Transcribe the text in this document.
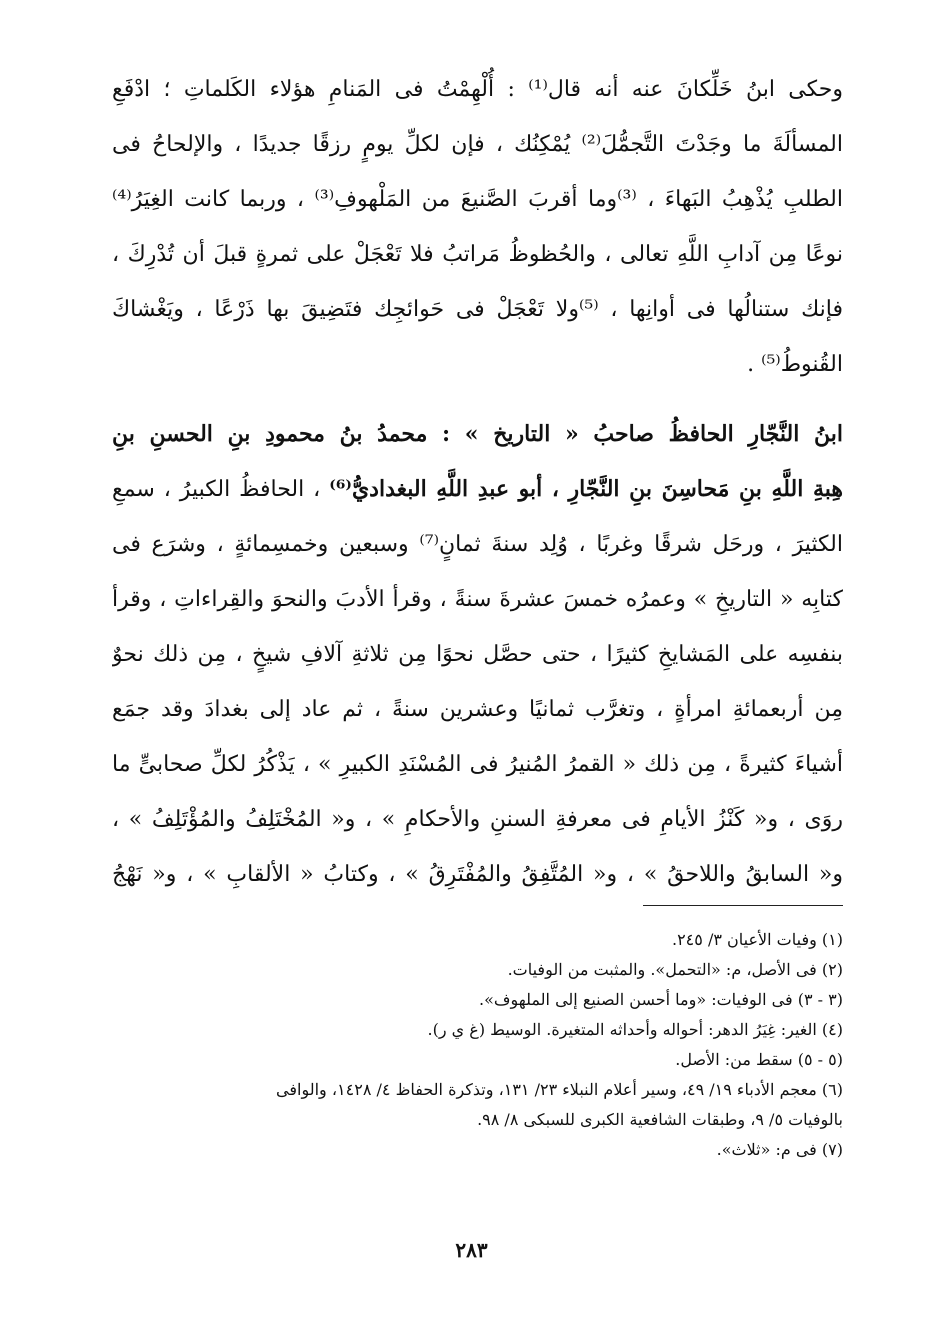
وحكى ابنُ خَلِّكانَ عنه أنه قال⁽¹⁾ : أُلْهِمْتُ فى المَنامِ هؤلاء الكَلماتِ ؛ ادْفَعِ
المسألَةَ ما وجَدْتَ التَّجمُّلَ⁽²⁾ يُمْكِنُك ، فإن لكلِّ يومٍ رزقًا جديدًا ، والإلحاحُ فى
الطلبِ يُذْهِبُ البَهاءَ ، ⁽³⁾وما أقربَ الصَّنيعَ من المَلْهوفِ⁽³⁾ ، وربما كانت الغِيَرُ⁽⁴⁾
نوعًا مِن آدابِ اللَّهِ تعالى ، والحُظوظُ مَراتبُ فلا تَعْجَلْ على ثمرةٍ قبلَ أن تُدْرِكَ ،
فإنك ستنالُها فى أوانِها ، ⁽⁵⁾ولا تَعْجَلْ فى حَوائجِك فتَضِيقَ بها ذَرْعًا ، ويَغْشاكَ
القُنوطُ⁽⁵⁾ .
ابنُ النَّجّارِ الحافظُ صاحبُ « التاريخ » : محمدُ بنُ محمودِ بنِ الحسنِ بنِ
هِبةِ اللَّهِ بنِ مَحاسِنَ بنِ النَّجّارِ ، أبو عبدِ اللَّهِ البغداديُّ⁽⁶⁾ ، الحافظُ الكبيرُ ، سمعِ
الكثيرَ ، ورحَل شرقًا وغربًا ، وُلِد سنةَ ثمانٍ⁽⁷⁾ وسبعين وخمسِمائةٍ ، وشرَع فى
كتابِه « التاريخِ » وعمرُه خمسَ عشرةَ سنةً ، وقرأ الأدبَ والنحوَ والقِراءاتِ ، وقرأ
بنفسِه على المَشايخِ كثيرًا ، حتى حصَّل نحوًا مِن ثلاثةِ آلافِ شيخٍ ، مِن ذلك نحوٌ
مِن أربعمائةِ امرأةٍ ، وتغرَّب ثمانيًا وعشرين سنةً ، ثم عاد إلى بغدادَ وقد جمَع
أشياءَ كثيرةً ، مِن ذلك « القمرُ المُنيرُ فى المُسْنَدِ الكبيرِ » ، يَذْكُرُ لكلِّ صحابىٍّ ما
روَى ، و« كَنْزُ الأيامِ فى معرفةِ السننِ والأحكامِ » ، و« المُخْتَلِفُ والمُؤْتَلِفُ » ،
و« السابقُ واللاحقُ » ، و« المُتَّفِقُ والمُفْتَرِقُ » ، وكتابُ « الألقابِ » ، و« نَهْجُ
(١) وفيات الأعيان ٣/ ٢٤٥.
(٢) فى الأصل، م: «التحمل». والمثبت من الوفيات.
(٣ - ٣) فى الوفيات: «وما أحسن الصنيع إلى الملهوف».
(٤) الغير: غِيَرُ الدهر: أحواله وأحداثه المتغيرة. الوسيط (غ ي ر).
(٥ - ٥) سقط من: الأصل.
(٦) معجم الأدباء ١٩/ ٤٩، وسير أعلام النبلاء ٢٣/ ١٣١، وتذكرة الحفاظ ٤/ ١٤٢٨، والوافى
بالوفيات ٥/ ٩، وطبقات الشافعية الكبرى للسبكى ٨/ ٩٨.
(٧) فى م: «ثلاث».
٢٨٣
